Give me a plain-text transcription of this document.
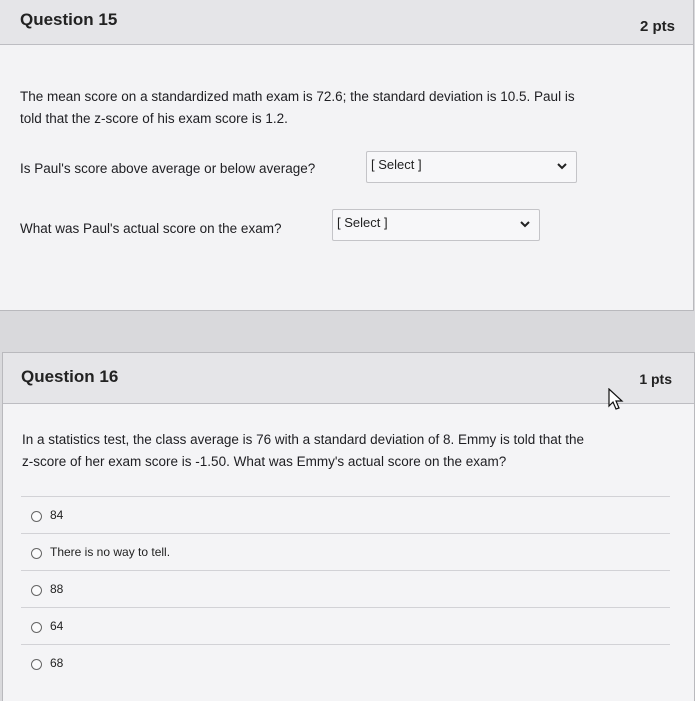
Question 15	2 pts
The mean score on a standardized math exam is 72.6; the standard deviation is 10.5. Paul is
told that the z-score of his exam score is 1.2.
Is Paul's score above average or below average?	[ Select ]
What was Paul's actual score on the exam?	[ Select ]
Question 16	1 pts
In a statistics test, the class average is 76 with a standard deviation of 8. Emmy is told that the
z-score of her exam score is -1.50. What was Emmy's actual score on the exam?
84
There is no way to tell.
88
64
68
